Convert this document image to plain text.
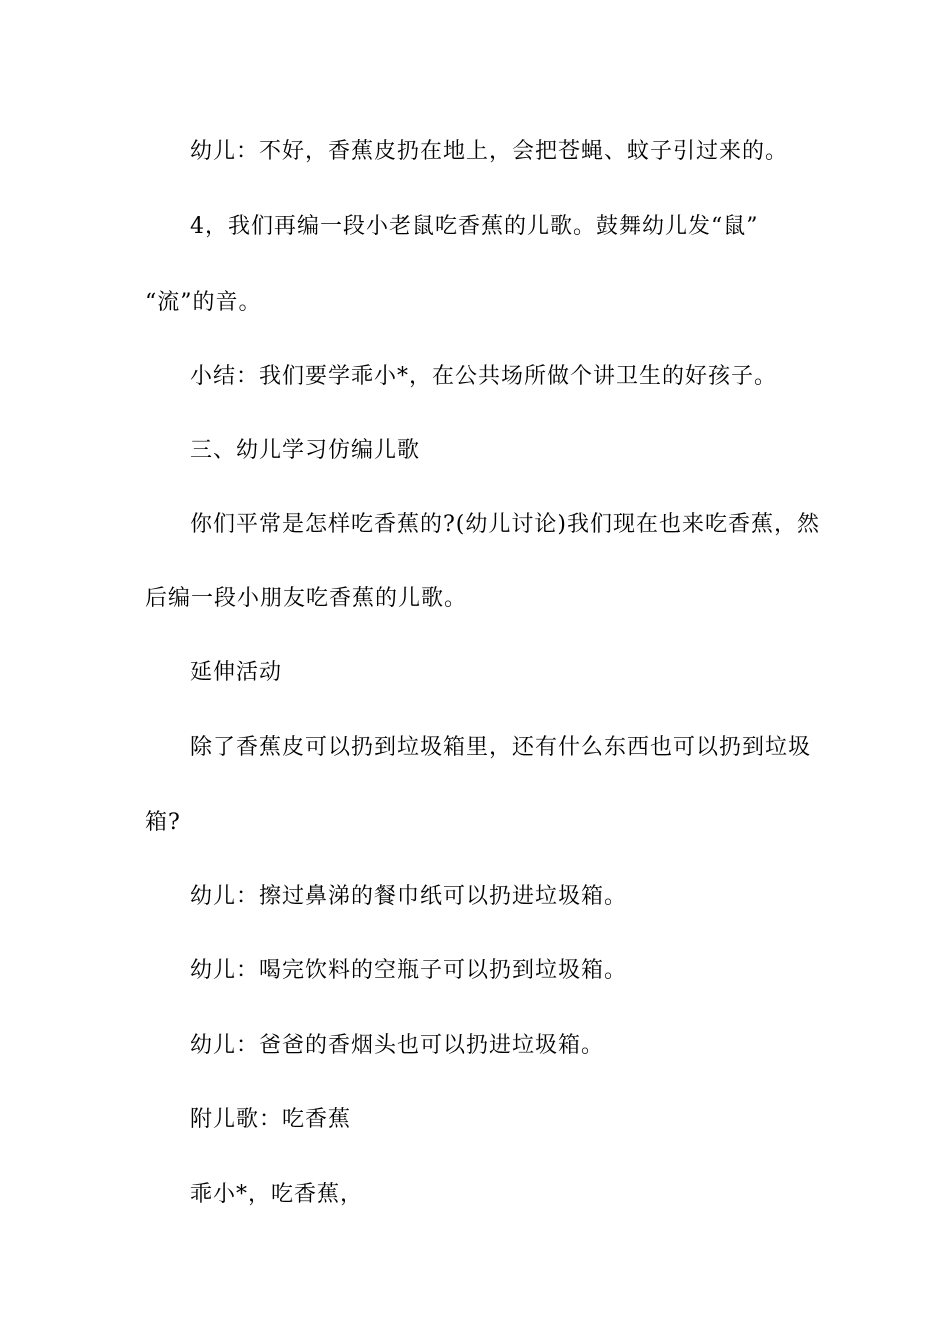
幼儿：不好，香蕉皮扔在地上，会把苍蝇、蚊子引过来的。
4，我们再编一段小老鼠吃香蕉的儿歌。鼓舞幼儿发“鼠”
“流”的音。
小结：我们要学乖小*，在公共场所做个讲卫生的好孩子。
三、幼儿学习仿编儿歌
你们平常是怎样吃香蕉的?(幼儿讨论)我们现在也来吃香蕉，然
后编一段小朋友吃香蕉的儿歌。
延伸活动
除了香蕉皮可以扔到垃圾箱里，还有什么东西也可以扔到垃圾
箱?
幼儿：擦过鼻涕的餐巾纸可以扔进垃圾箱。
幼儿：喝完饮料的空瓶子可以扔到垃圾箱。
幼儿：爸爸的香烟头也可以扔进垃圾箱。
附儿歌：吃香蕉
乖小*，吃香蕉，
